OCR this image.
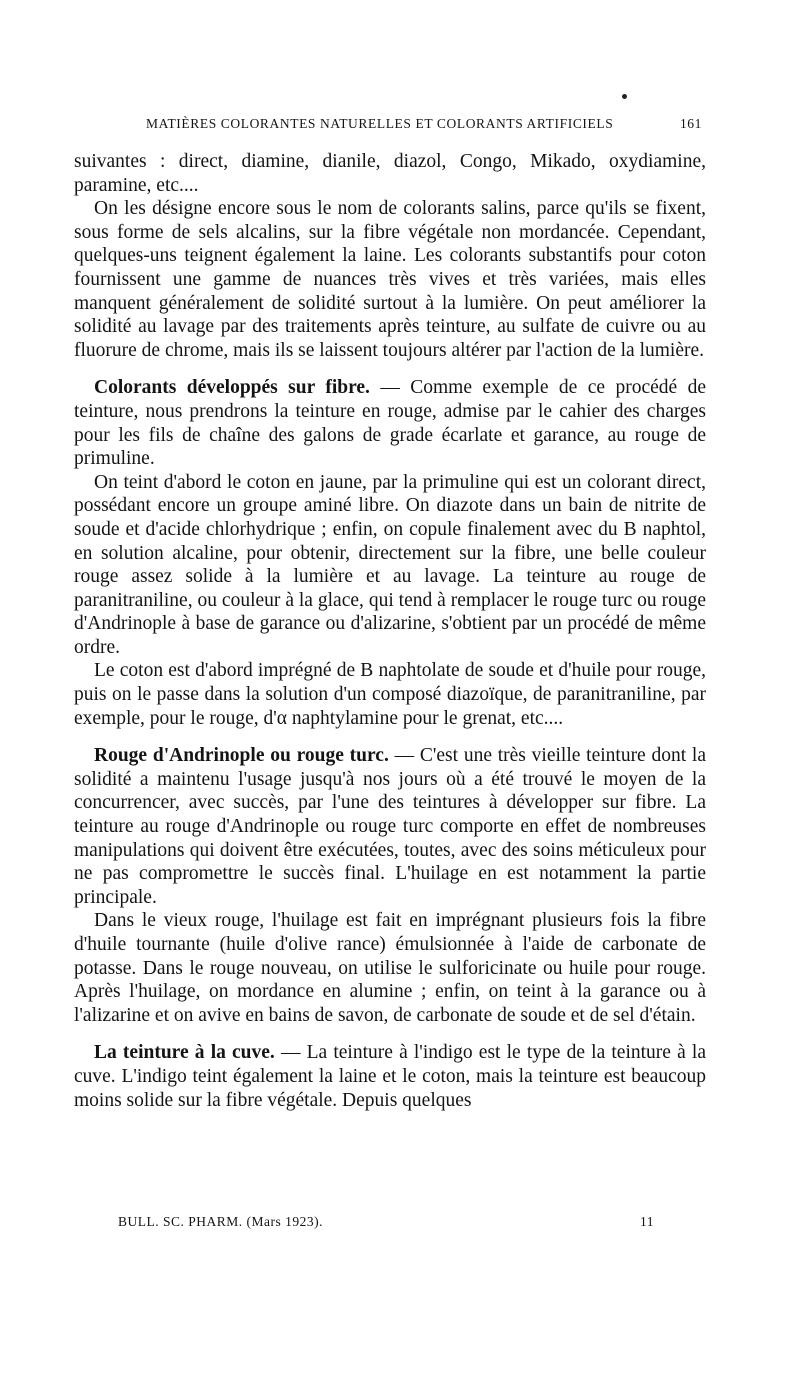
MATIÈRES COLORANTES NATURELLES ET COLORANTS ARTIFICIELS	161

suivantes : direct, diamine, dianile, diazol, Congo, Mikado, oxydiamine, paramine, etc....

On les désigne encore sous le nom de colorants salins, parce qu'ils se fixent, sous forme de sels alcalins, sur la fibre végétale non mordancée. Cependant, quelques-uns teignent également la laine. Les colorants substantifs pour coton fournissent une gamme de nuances très vives et très variées, mais elles manquent généralement de solidité surtout à la lumière. On peut améliorer la solidité au lavage par des traitements après teinture, au sulfate de cuivre ou au fluorure de chrome, mais ils se laissent toujours altérer par l'action de la lumière.

Colorants développés sur fibre. — Comme exemple de ce procédé de teinture, nous prendrons la teinture en rouge, admise par le cahier des charges pour les fils de chaîne des galons de grade écarlate et garance, au rouge de primuline.

On teint d'abord le coton en jaune, par la primuline qui est un colorant direct, possédant encore un groupe aminé libre. On diazote dans un bain de nitrite de soude et d'acide chlorhydrique ; enfin, on copule finalement avec du B naphtol, en solution alcaline, pour obtenir, directement sur la fibre, une belle couleur rouge assez solide à la lumière et au lavage. La teinture au rouge de paranitraniline, ou couleur à la glace, qui tend à remplacer le rouge turc ou rouge d'Andrinople à base de garance ou d'alizarine, s'obtient par un procédé de même ordre.

Le coton est d'abord imprégné de B naphtolate de soude et d'huile pour rouge, puis on le passe dans la solution d'un composé diazoïque, de paranitraniline, par exemple, pour le rouge, d'α naphtylamine pour le grenat, etc....

Rouge d'Andrinople ou rouge turc. — C'est une très vieille teinture dont la solidité a maintenu l'usage jusqu'à nos jours où a été trouvé le moyen de la concurrencer, avec succès, par l'une des teintures à développer sur fibre. La teinture au rouge d'Andrinople ou rouge turc comporte en effet de nombreuses manipulations qui doivent être exécutées, toutes, avec des soins méticuleux pour ne pas compromettre le succès final. L'huilage en est notamment la partie principale.

Dans le vieux rouge, l'huilage est fait en imprégnant plusieurs fois la fibre d'huile tournante (huile d'olive rance) émulsionnée à l'aide de carbonate de potasse. Dans le rouge nouveau, on utilise le sulforicinate ou huile pour rouge. Après l'huilage, on mordance en alumine ; enfin, on teint à la garance ou à l'alizarine et on avive en bains de savon, de carbonate de soude et de sel d'étain.

La teinture à la cuve. — La teinture à l'indigo est le type de la teinture à la cuve. L'indigo teint également la laine et le coton, mais la teinture est beaucoup moins solide sur la fibre végétale. Depuis quelques

BULL. SC. PHARM. (Mars 1923).	11
